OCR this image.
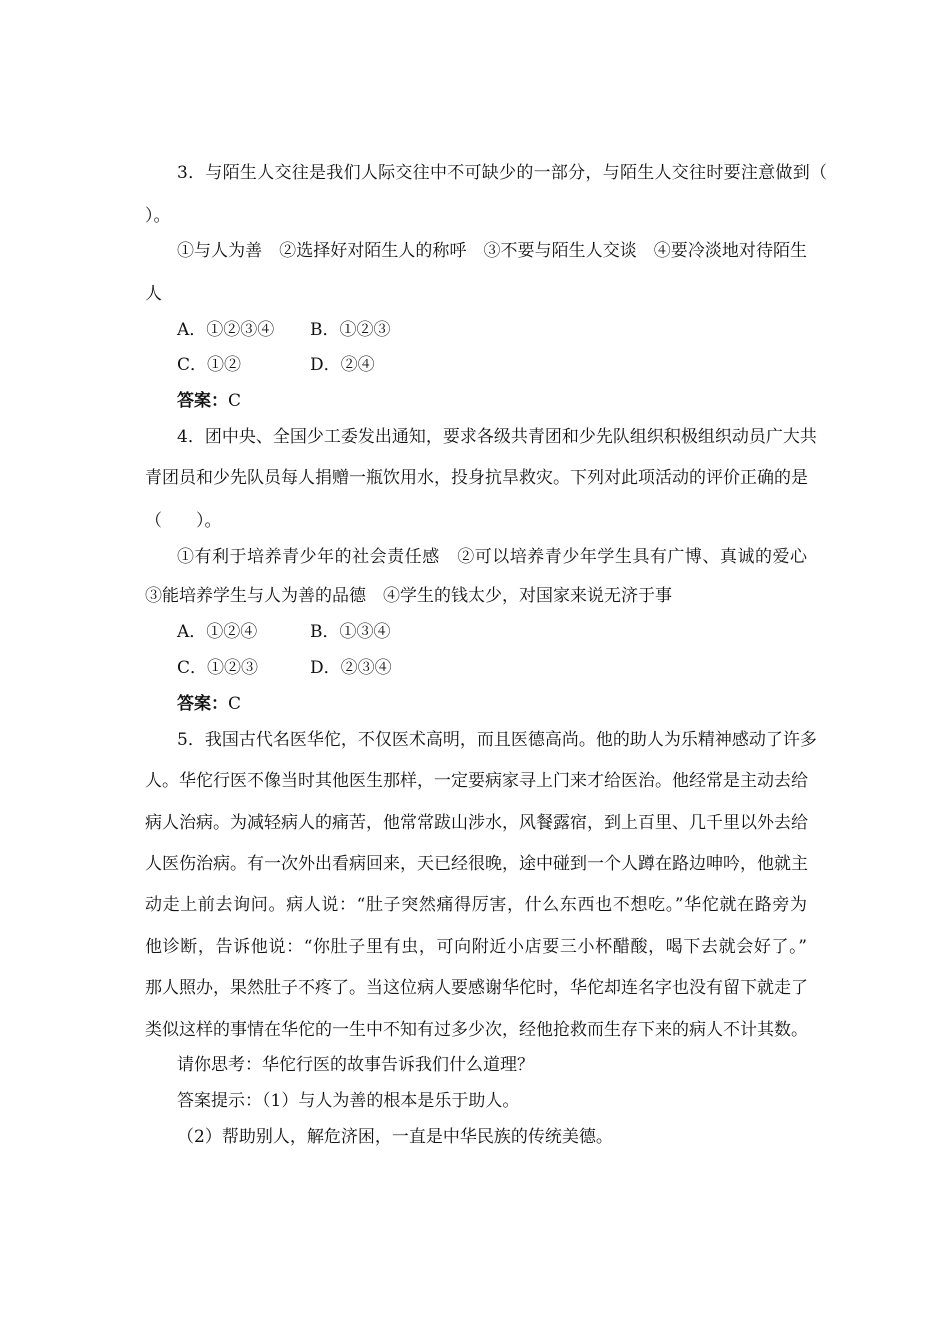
3．与陌生人交往是我们人际交往中不可缺少的一部分，与陌生人交往时要注意做到（
）。
①与人为善　②选择好对陌生人的称呼　③不要与陌生人交谈　④要冷淡地对待陌生
人
A．①②③④ B．①②③
C．①②	D．②④
答案：C
4．团中央、全国少工委发出通知，要求各级共青团和少先队组织积极组织动员广大共
青团员和少先队员每人捐赠一瓶饮用水，投身抗旱救灾。下列对此项活动的评价正确的是
（　　）。
①有利于培养青少年的社会责任感　②可以培养青少年学生具有广博、真诚的爱心
③能培养学生与人为善的品德　④学生的钱太少，对国家来说无济于事
A．①②④	B．①③④
C．①②③	D．②③④
答案：C
5．我国古代名医华佗，不仅医术高明，而且医德高尚。他的助人为乐精神感动了许多
人。华佗行医不像当时其他医生那样，一定要病家寻上门来才给医治。他经常是主动去给
病人治病。为减轻病人的痛苦，他常常跋山涉水，风餐露宿，到上百里、几千里以外去给
人医伤治病。有一次外出看病回来，天已经很晚，途中碰到一个人蹲在路边呻吟，他就主
动走上前去询问。病人说：“肚子突然痛得厉害，什么东西也不想吃。”华佗就在路旁为
他诊断，告诉他说：“你肚子里有虫，可向附近小店要三小杯醋酸，喝下去就会好了。”
那人照办，果然肚子不疼了。当这位病人要感谢华佗时，华佗却连名字也没有留下就走了
类似这样的事情在华佗的一生中不知有过多少次，经他抢救而生存下来的病人不计其数。
请你思考：华佗行医的故事告诉我们什么道理？
答案提示：（1）与人为善的根本是乐于助人。
（2）帮助别人，解危济困，一直是中华民族的传统美德。
